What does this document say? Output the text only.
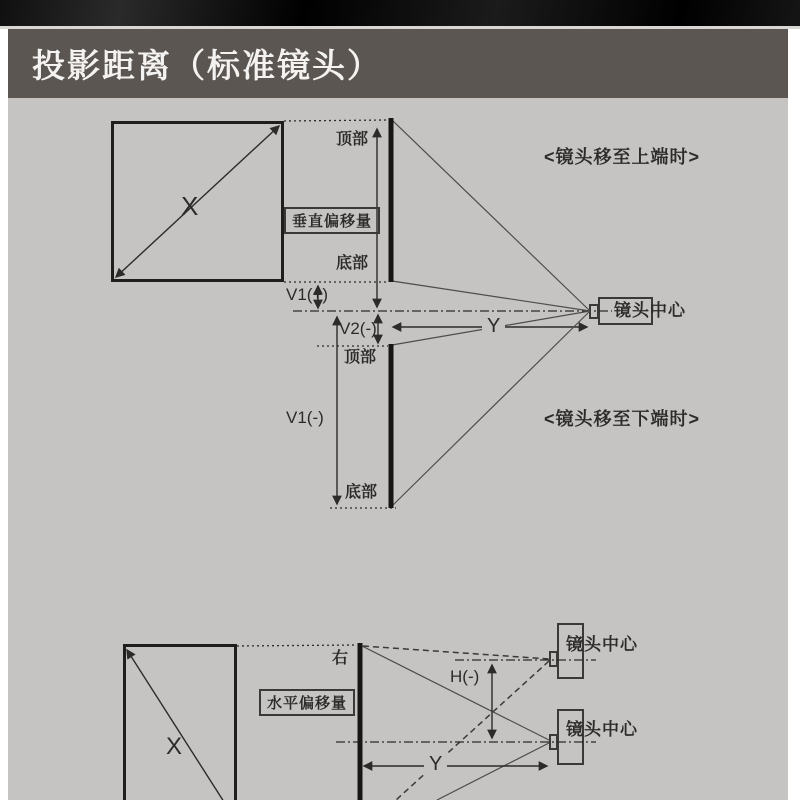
投影距离（标准镜头）
X
顶部
垂直偏移量
底部
V1(+)
V2(-)
顶部
V1(-)
底部
Y
镜头中心
<镜头移至上端时>
<镜头移至下端时>
X
右
水平偏移量
H(-)
Y
镜头中心
镜头中心
